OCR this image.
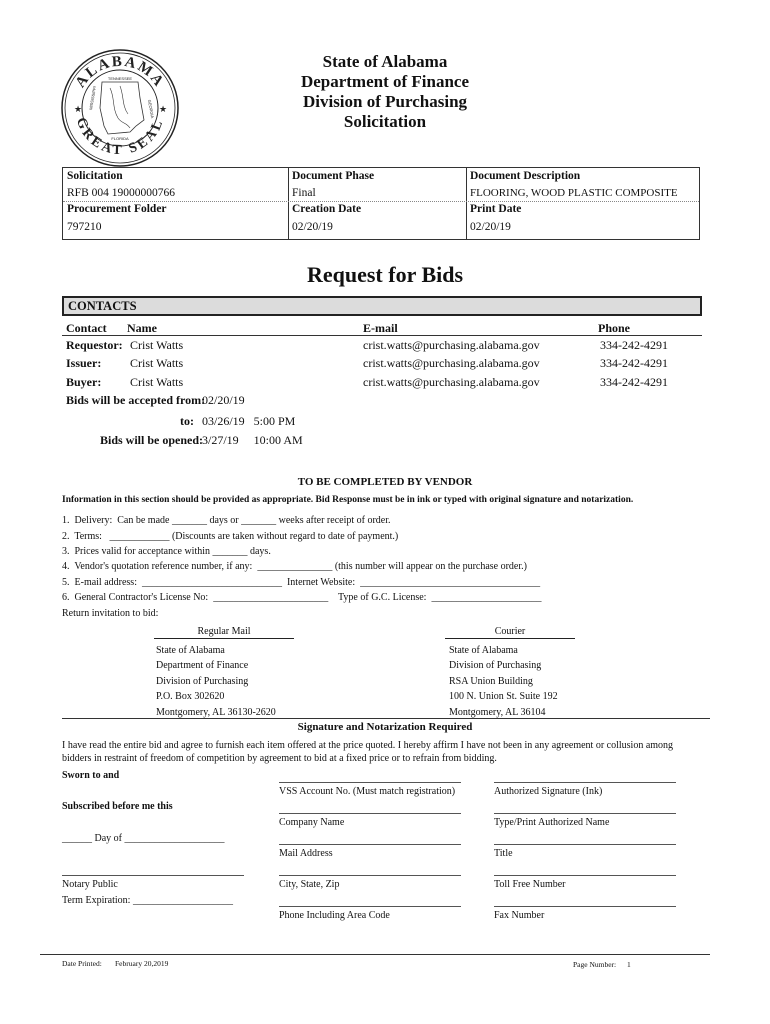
ALABAMA
GREAT SEAL
TENNESSEE
MISSISSIPPI	GEORGIA
FLORIDA
★	★
State of Alabama
Department of Finance
Division of Purchasing
Solicitation
Solicitation
RFB 004 19000000766
Document Phase
Final
Document Description
FLOORING, WOOD PLASTIC COMPOSITE
Procurement Folder
797210
Creation Date
02/20/19
Print Date
02/20/19
Request for Bids
CONTACTS
Contact Name	E-mail	Phone
Requestor: Crist Watts	crist.watts@purchasing.alabama.gov	334-242-4291
Issuer: Crist Watts	crist.watts@purchasing.alabama.gov	334-242-4291
Buyer: Crist Watts	crist.watts@purchasing.alabama.gov	334-242-4291
Bids will be accepted from:
02/20/19
to: 03/26/19   5:00 PM
Bids will be opened:
3/27/19     10:00 AM
TO BE COMPLETED BY VENDOR
Information in this section should be provided as appropriate. Bid Response must be in ink or typed with original signature and notarization.
1.  Delivery:  Can be made _______ days or _______ weeks after receipt of order.
2.  Terms:   ____________ (Discounts are taken without regard to date of payment.)
3.  Prices valid for acceptance within _______ days.
4.  Vendor's quotation reference number, if any:  _______________ (this number will appear on the purchase order.)
5.  E-mail address:  ____________________________  Internet Website:  ____________________________________
6.  General Contractor's License No:  _______________________    Type of G.C. License:  ______________________
Return invitation to bid:
Regular Mail
State of Alabama
Department of Finance
Division of Purchasing
P.O. Box 302620
Montgomery, AL 36130-2620
Courier
State of Alabama
Division of Purchasing
RSA Union Building
100 N. Union St. Suite 192
Montgomery, AL 36104
Signature and Notarization Required
I have read the entire bid and agree to furnish each item offered at the price quoted. I hereby affirm I have not been in any agreement or collusion among bidders in restraint of freedom of competition by agreement to bid at a fixed price or to refrain from bidding.
Sworn to and
Subscribed before me this
______ Day of ____________________
Notary Public
Term Expiration: ____________________
VSS Account No. (Must match registration)
Company Name
Mail Address
City, State, Zip
Phone Including Area Code
Authorized Signature (Ink)
Type/Print Authorized Name
Title
Toll Free Number
Fax Number
Date Printed: February 20,2019	Page Number: 1
